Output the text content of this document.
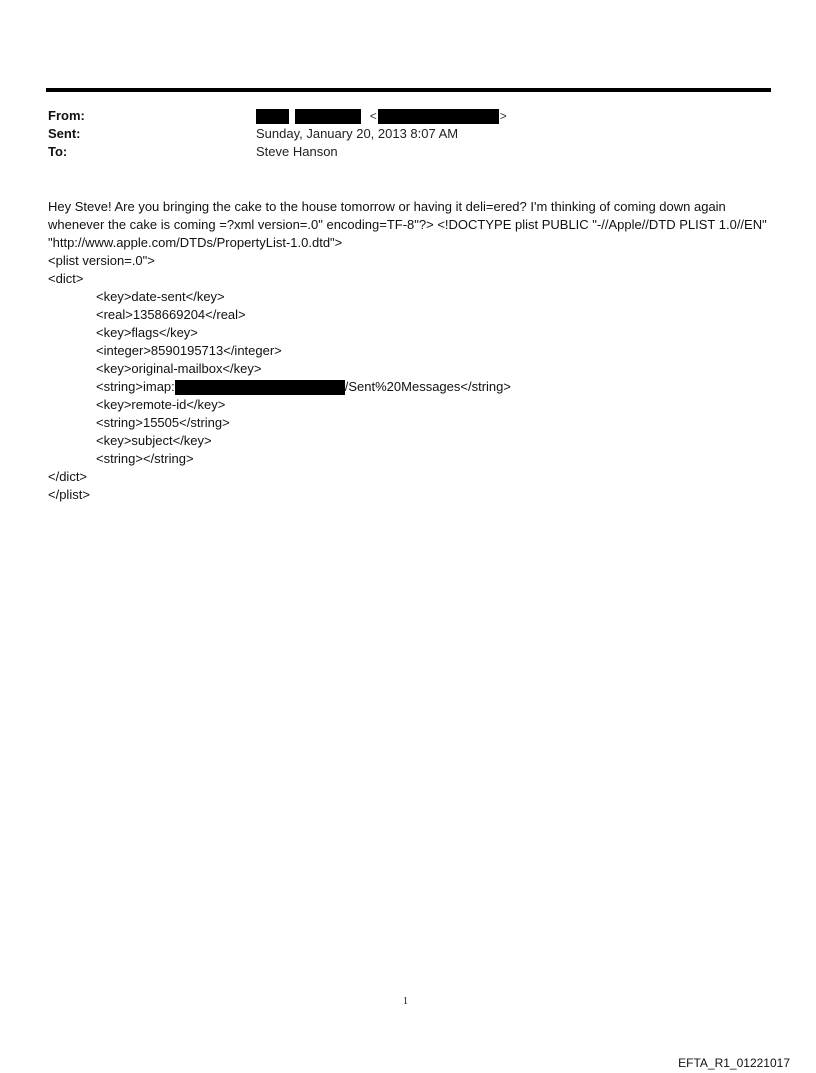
From:
Sent:
To:
<	>
Sunday, January 20, 2013 8:07 AM
Steve Hanson

Hey Steve! Are you bringing the cake to the house tomorrow or having it deli=ered? I'm thinking of coming down again whenever the cake is coming =?xml version=.0" encoding=TF-8"?> <!DOCTYPE plist PUBLIC "-//Apple//DTD PLIST 1.0//EN" "http://www.apple.com/DTDs/PropertyList-1.0.dtd">

<plist version=.0">
<dict>
<key>date-sent</key>
<real>1358669204</real>
<key>flags</key>
<integer>8590195713</integer>
<key>original-mailbox</key>
<string>imap:	/Sent%20Messages</string>
<key>remote-id</key>
<string>15505</string>
<key>subject</key>
<string></string>
</dict>
</plist>
1
EFTA_R1_01221017
